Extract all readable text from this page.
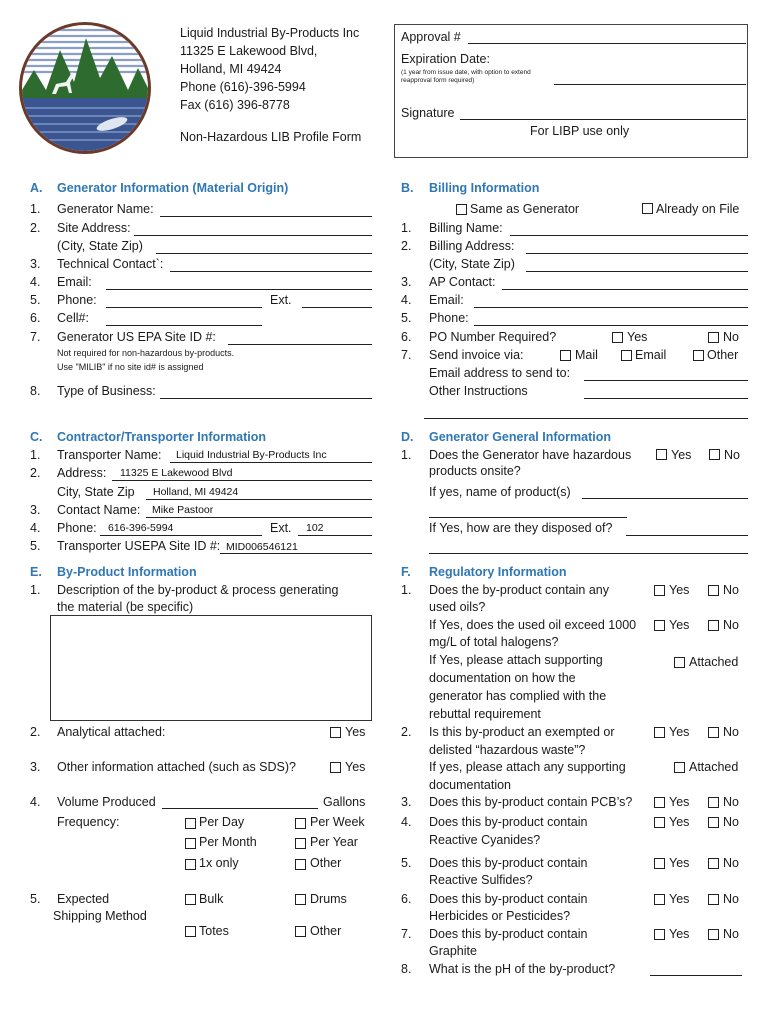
Liquid Industrial By-Products Inc
11325 E Lakewood Blvd,
Holland, MI 49424
Phone (616)-396-5994
Fax (616) 396-8778
Non-Hazardous LIB Profile Form
Approval #
Expiration Date:
(1 year from issue date, with option to extend
reapproval form required)
Signature
For LIBP use only
A. Generator Information (Material Origin)
1. Generator Name:
2. Site Address:
(City, State Zip)
3. Technical Contact`:
4. Email:
5. Phone:	Ext.
6. Cell#:
7. Generator US EPA Site ID #:
Not required for non-hazardous by-products.
Use "MILIB" if no site id# is assigned
8. Type of Business:
B. Billing Information
Same as Generator	Already on File
1. Billing Name:
2. Billing Address:
(City, State Zip)
3. AP Contact:
4. Email:
5. Phone:
6. PO Number Required?	Yes	No
7. Send invoice via:	Mail	Email	Other
Email address to send to:
Other Instructions
C. Contractor/Transporter Information
1. Transporter Name: Liquid Industrial By-Products Inc
2. Address: 11325 E Lakewood Blvd
City, State Zip Holland, MI 49424
3. Contact Name: Mike Pastoor
4. Phone: 616-396-5994	Ext. 102
5. Transporter USEPA Site ID #: MID006546121
D. Generator General Information
1. Does the Generator have hazardous
products onsite?
Yes	No
If yes, name of product(s)
If Yes, how are they disposed of?
E. By-Product Information
1. Description of the by-product & process generating
the material (be specific)
2. Analytical attached:	Yes
3. Other information attached (such as SDS)?	Yes
4. Volume Produced	Gallons
Frequency:	Per Day	Per Week
Per Month	Per Year
1x only	Other
5. Expected
Shipping Method
Bulk	Drums
Totes	Other
F. Regulatory Information
1. Does the by-product contain any
used oils?
Yes	No
If Yes, does the used oil exceed 1000
mg/L of total halogens?
Yes	No
If Yes, please attach supporting
documentation on how the
generator has complied with the
rebuttal requirement
Attached
2. Is this by-product an exempted or
delisted “hazardous waste”?
Yes	No
If yes, please attach any supporting
documentation
Attached
3. Does this by-product contain PCB’s?	Yes	No
4. Does this by-product contain
Reactive Cyanides?
Yes	No
5. Does this by-product contain
Reactive Sulfides?
Yes	No
6. Does this by-product contain
Herbicides or Pesticides?
Yes	No
7. Does this by-product contain
Graphite
Yes	No
8. What is the pH of the by-product?
